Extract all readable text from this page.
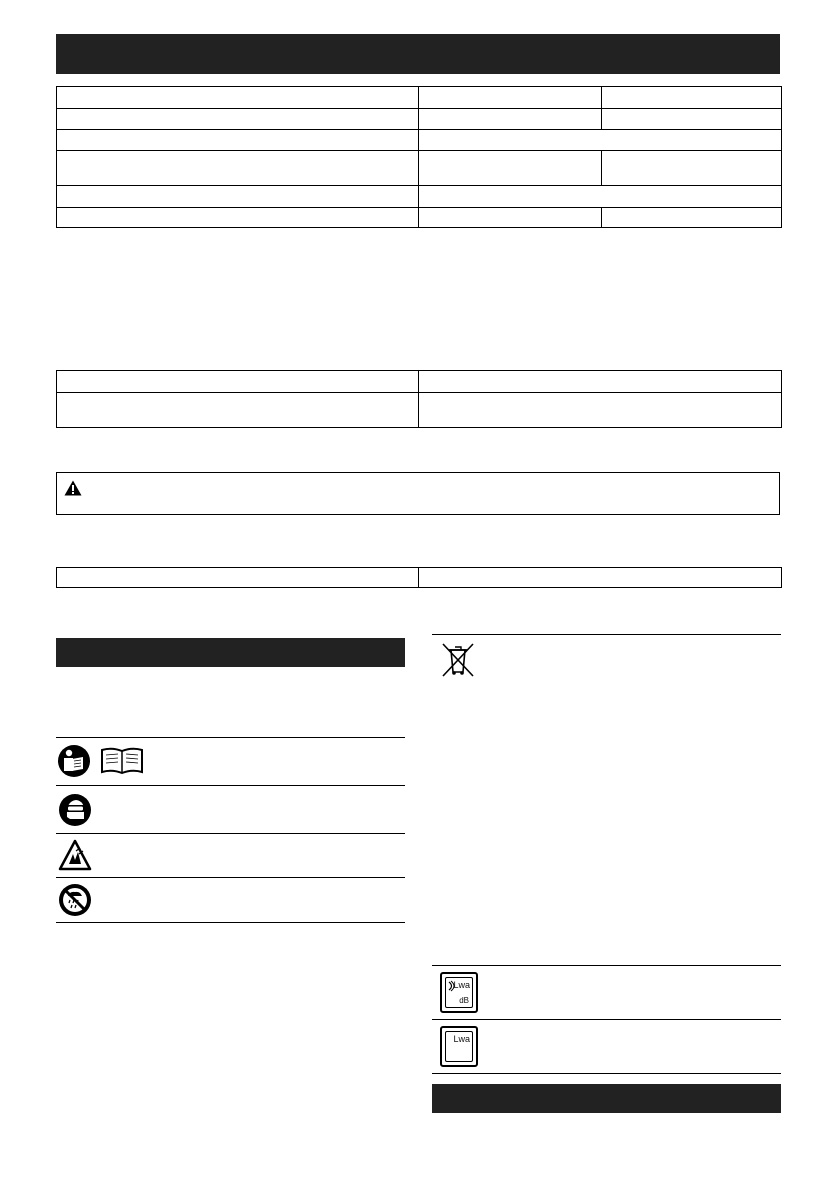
Lwa
dB
Lwa
